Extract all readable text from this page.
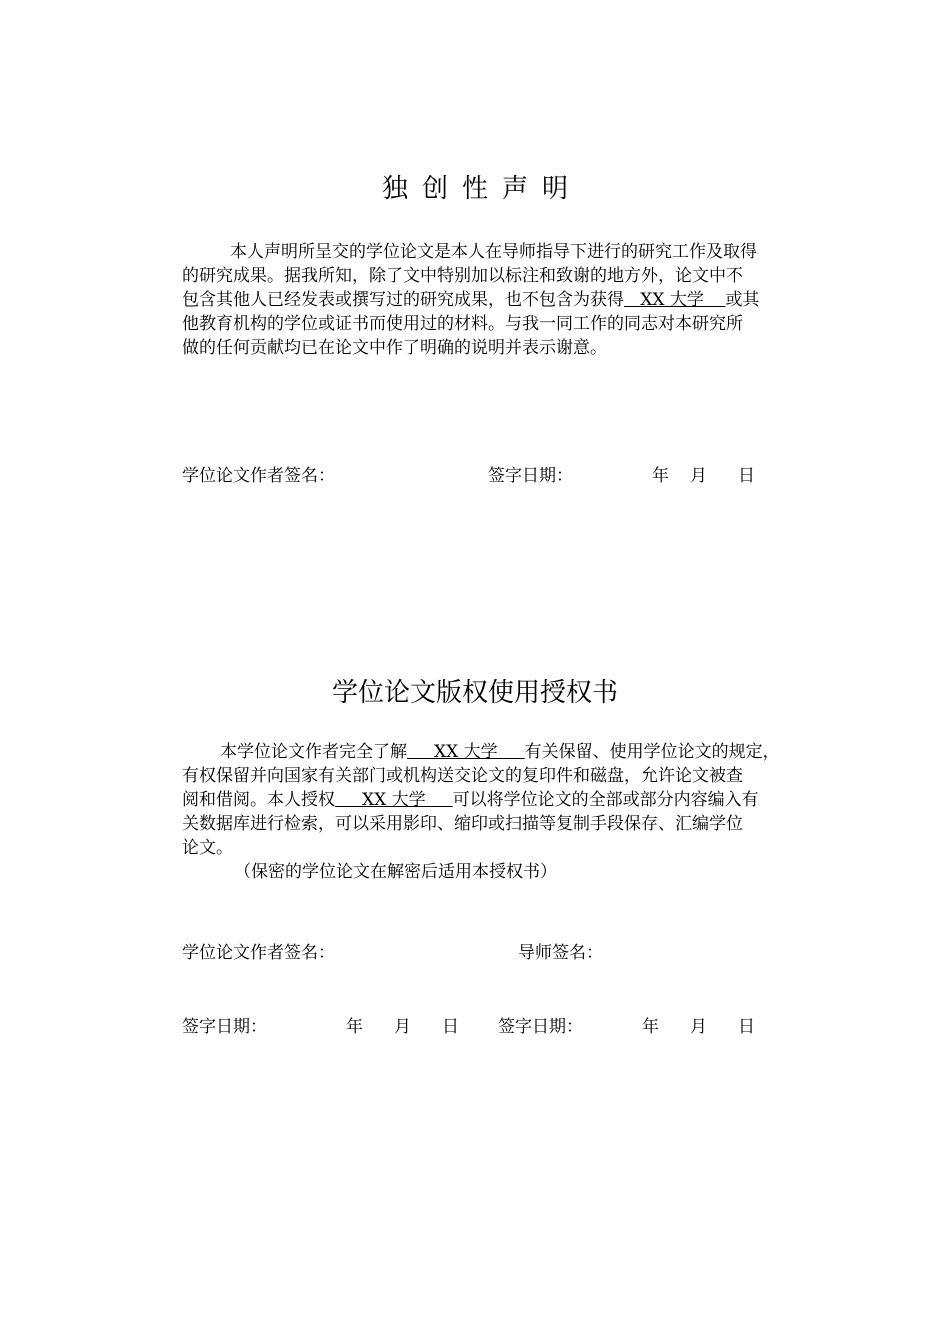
独创性声明
本人声明所呈交的学位论文是本人在导师指导下进行的研究工作及取得
的研究成果。据我所知，除了文中特别加以标注和致谢的地方外，论文中不
包含其他人已经发表或撰写过的研究成果，也不包含为获得   XX 大学    或其
他教育机构的学位或证书而使用过的材料。与我一同工作的同志对本研究所
做的任何贡献均已在论文中作了明确的说明并表示谢意。
学位论文作者签名：	签字日期：	年 月 日
学位论文版权使用授权书
本学位论文作者完全了解     XX 大学     有关保留、使用学位论文的规定，
有权保留并向国家有关部门或机构送交论文的复印件和磁盘，允许论文被查
阅和借阅。本人授权     XX 大学     可以将学位论文的全部或部分内容编入有
关数据库进行检索，可以采用影印、缩印或扫描等复制手段保存、汇编学位
论文。
（保密的学位论文在解密后适用本授权书）
学位论文作者签名：	导师签名：
签字日期：	年 月 日 签字日期：	年 月 日
